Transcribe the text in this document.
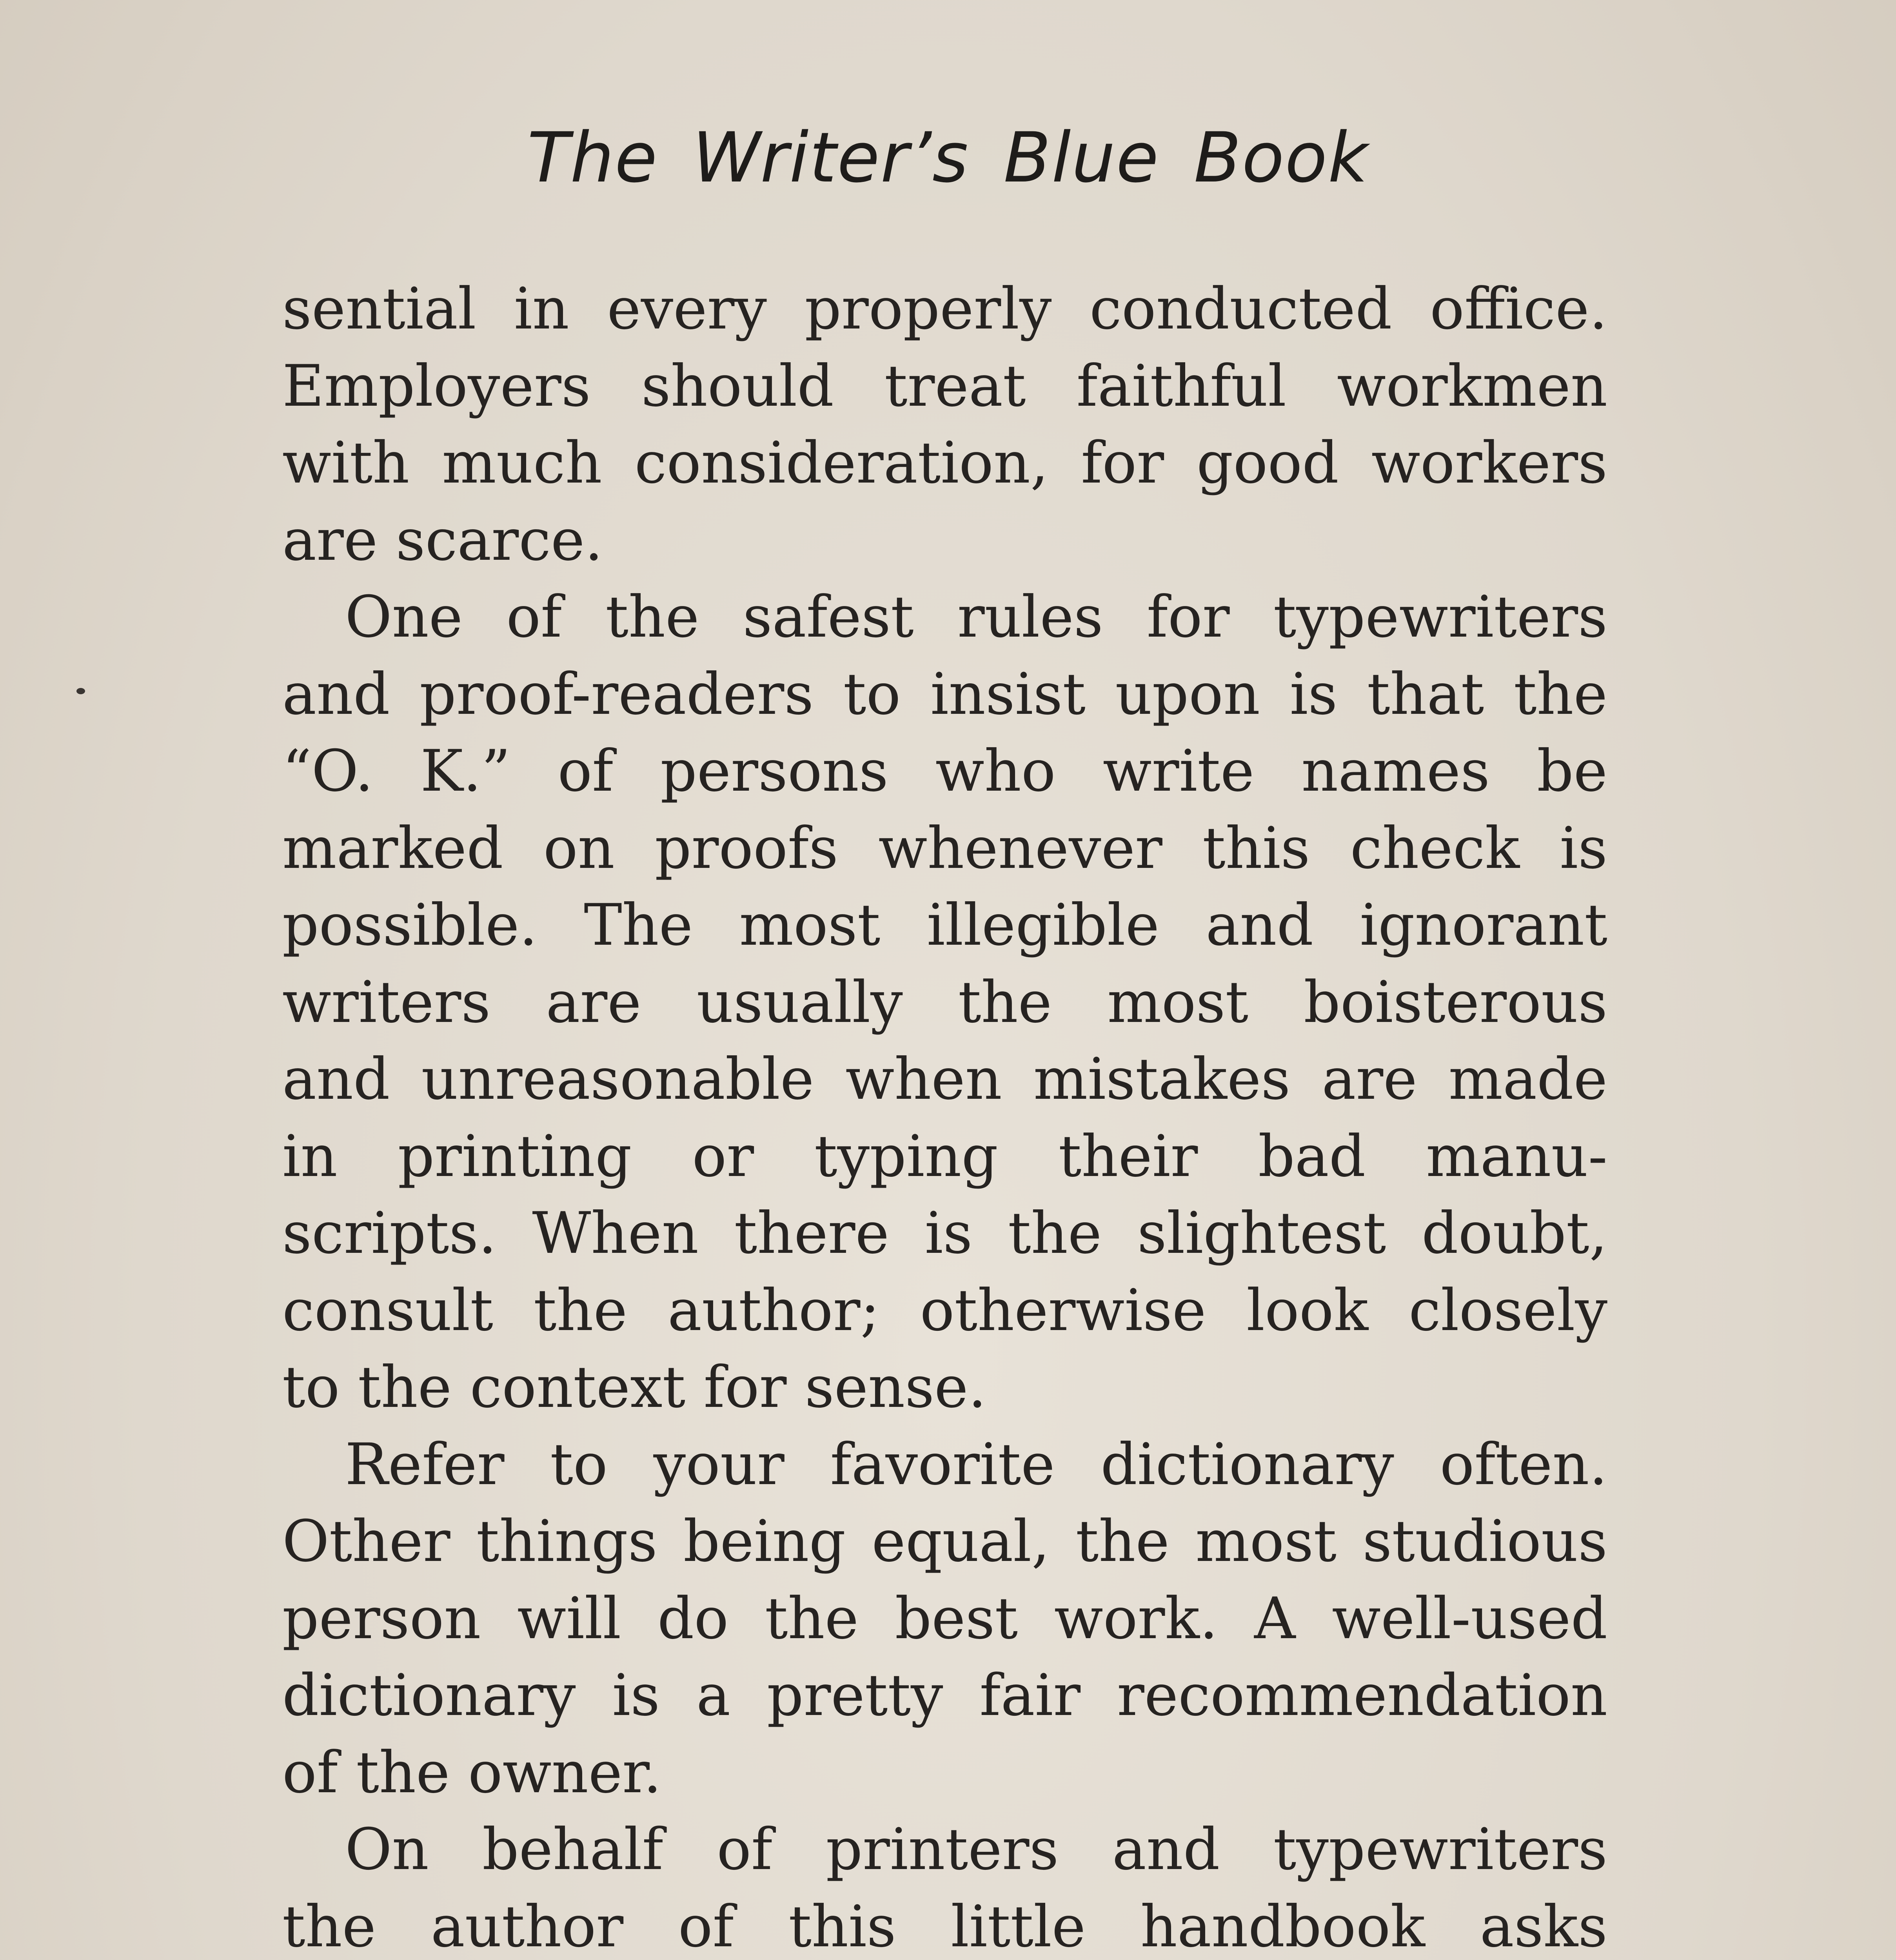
The Writer’s Blue Book
sential in every properly conducted office.
Employers should treat faithful workmen
with much consideration, for good workers
are scarce.
One of the safest rules for typewriters
and proof-readers to insist upon is that the
“O. K.” of persons who write names be
marked on proofs whenever this check is
possible. The most illegible and ignorant
writers are usually the most boisterous
and unreasonable when mistakes are made
in printing or typing their bad manu-
scripts. When there is the slightest doubt,
consult the author; otherwise look closely
to the context for sense.
Refer to your favorite dictionary often.
Other things being equal, the most studious
person will do the best work. A well-used
dictionary is a pretty fair recommendation
of the owner.
On behalf of printers and typewriters
the author of this little handbook asks
